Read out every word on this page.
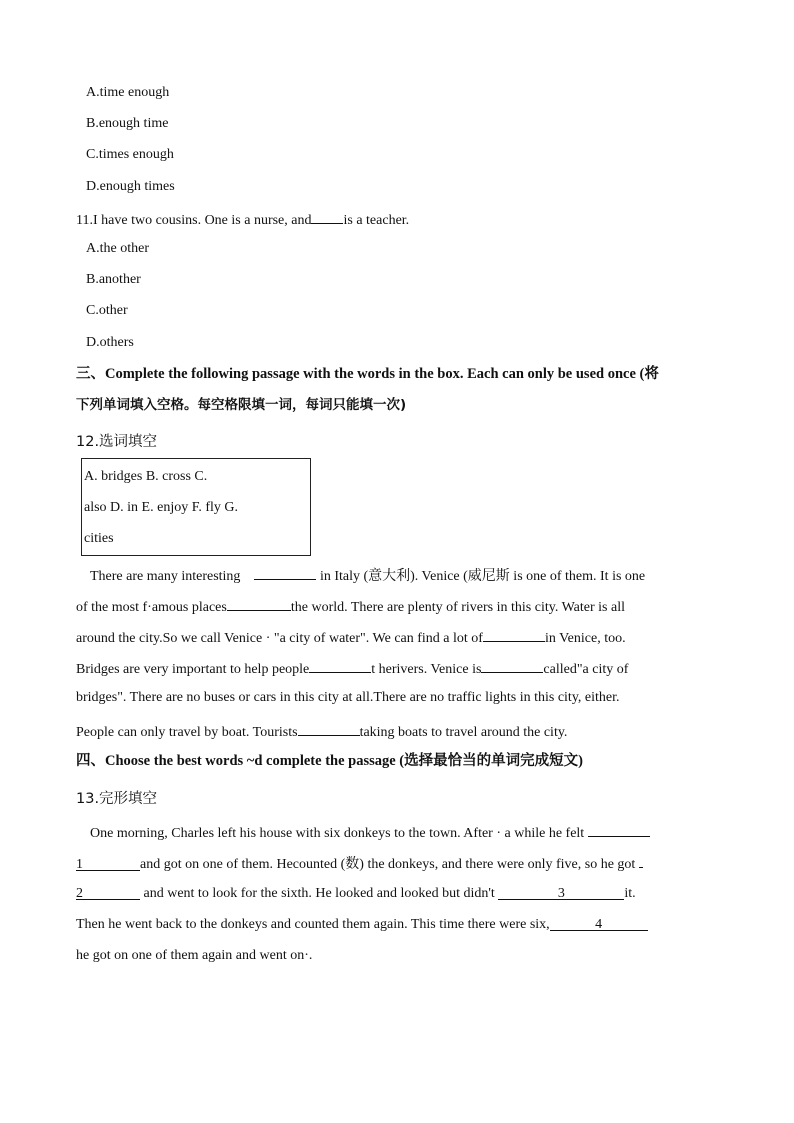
A.time enough
B.enough time
C.times enough
D.enough times
11.I have two cousins. One is a nurse, and is a teacher.
A.the other
B.another
C.other
D.others
三、Complete the following passage with the words in the box. Each can only be used once (将
下列单词填入空格。每空格限填一词，每词只能填一次)
12.选词填空
A. bridges B. cross C.
also D. in E. enjoy F. fly G.
cities
There are many interesting	in Italy (意大利). Venice (威尼斯 is one of them. It is one
of the most f·amous places	the world. There are plenty of rivers in this city. Water is all
around the city.So we call Venice · "a city of water". We can find a lot of	in Venice, too.
Bridges are very important to help people	t herivers. Venice is	called"a city of
bridges". There are no buses or cars in this city at all.There are no traffic lights in this city, either.
People can only travel by boat. Tourists	taking boats to travel around the city.
四、Choose the best words ~d complete the passage (选择最恰当的单词完成短文)
13.完形填空
One morning, Charles left his house with six donkeys to the town. After · a while he felt
1	and got on one of them. Hecounted (数) the donkeys, and there were only five, so he got
2	and went to look for the sixth. He looked and looked but didn't	3	it.
Then he went back to the donkeys and counted them again. This time there were six,	4
he got on one of them again and went on·.
